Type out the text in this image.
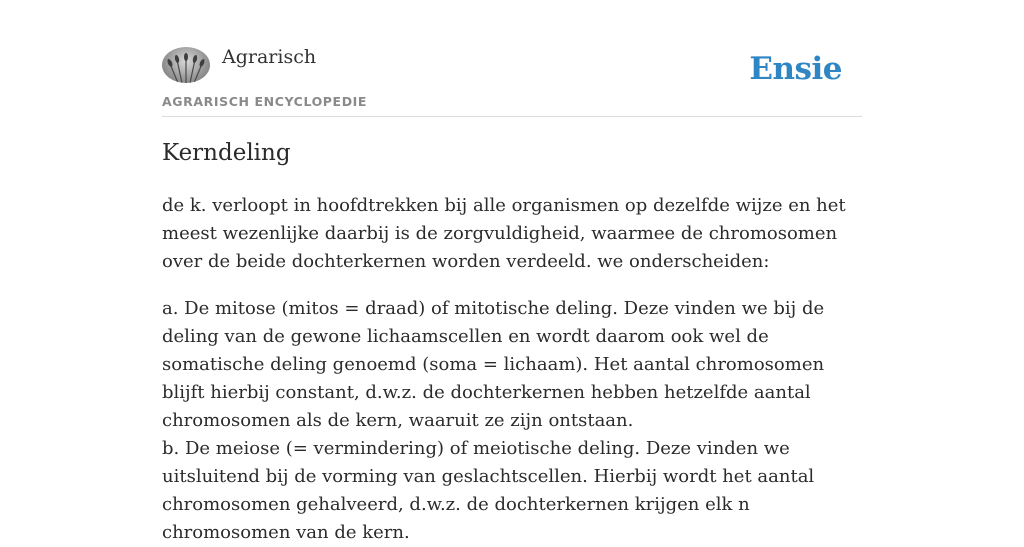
Agrarisch
AGRARISCH ENCYCLOPEDIE
Ensie
Kerndeling

de k. verloopt in hoofdtrekken bij alle organismen op dezelfde wijze en het meest wezenlijke daarbij is de zorgvuldigheid, waarmee de chromosomen over de beide dochterkernen worden verdeeld. we onderscheiden:

a. De mitose (mitos = draad) of mitotische deling. Deze vinden we bij de deling van de gewone lichaamscellen en wordt daarom ook wel de somatische deling genoemd (soma = lichaam). Het aantal chromosomen blijft hierbij constant, d.w.z. de dochterkernen hebben hetzelfde aantal chromosomen als de kern, waaruit ze zijn ontstaan.

b. De meiose (= vermindering) of meiotische deling. Deze vinden we uitsluitend bij de vorming van geslachtscellen. Hierbij wordt het aantal chromosomen gehalveerd, d.w.z. de dochterkernen krijgen elk n chromosomen van de kern.
